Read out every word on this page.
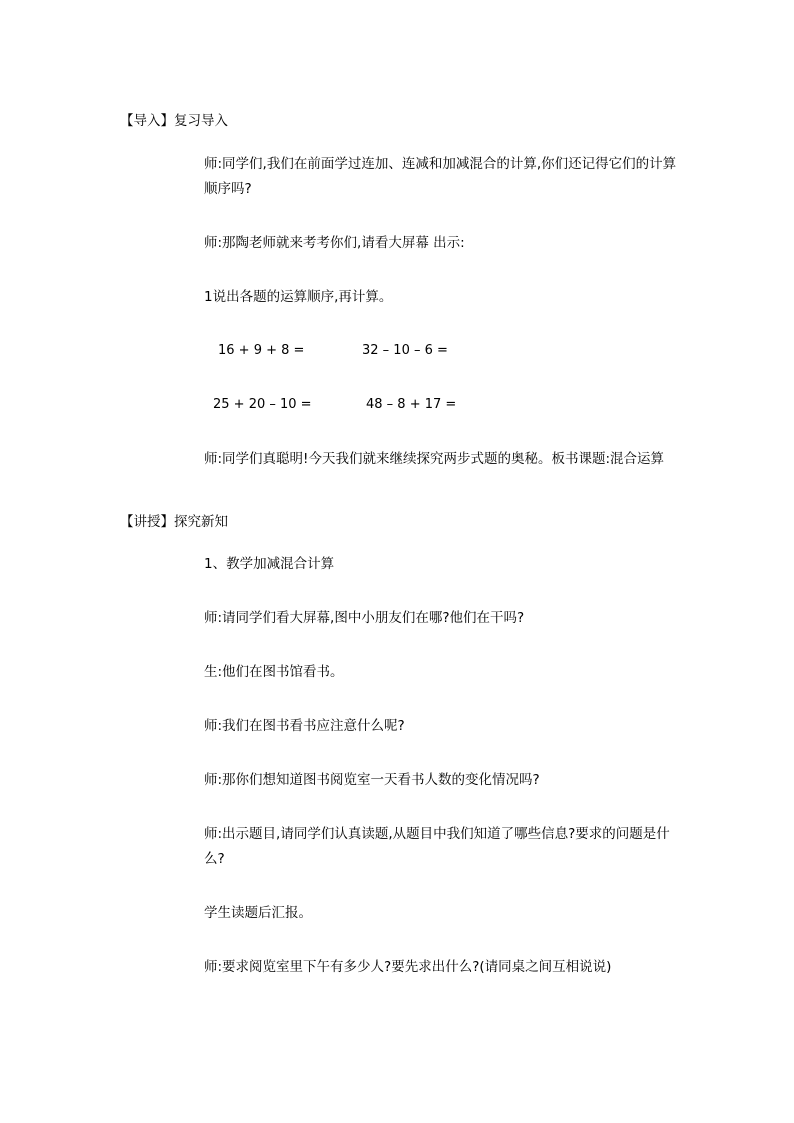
【导入】复习导入
师:同学们,我们在前面学过连加、连减和加减混合的计算,你们还记得它们的计算顺序吗?
师:那陶老师就来考考你们,请看大屏幕 出示:
1说出各题的运算顺序,再计算。
16 + 9 + 8 =	32 – 10 – 6 =
25 + 20 – 10 =	48 – 8 + 17 =
师:同学们真聪明!今天我们就来继续探究两步式题的奥秘。板书课题:混合运算
【讲授】探究新知
1、教学加减混合计算
师:请同学们看大屏幕,图中小朋友们在哪?他们在干吗?
生:他们在图书馆看书。
师:我们在图书看书应注意什么呢?
师:那你们想知道图书阅览室一天看书人数的变化情况吗?
师:出示题目,请同学们认真读题,从题目中我们知道了哪些信息?要求的问题是什么?
学生读题后汇报。
师:要求阅览室里下午有多少人?要先求出什么?(请同桌之间互相说说)
